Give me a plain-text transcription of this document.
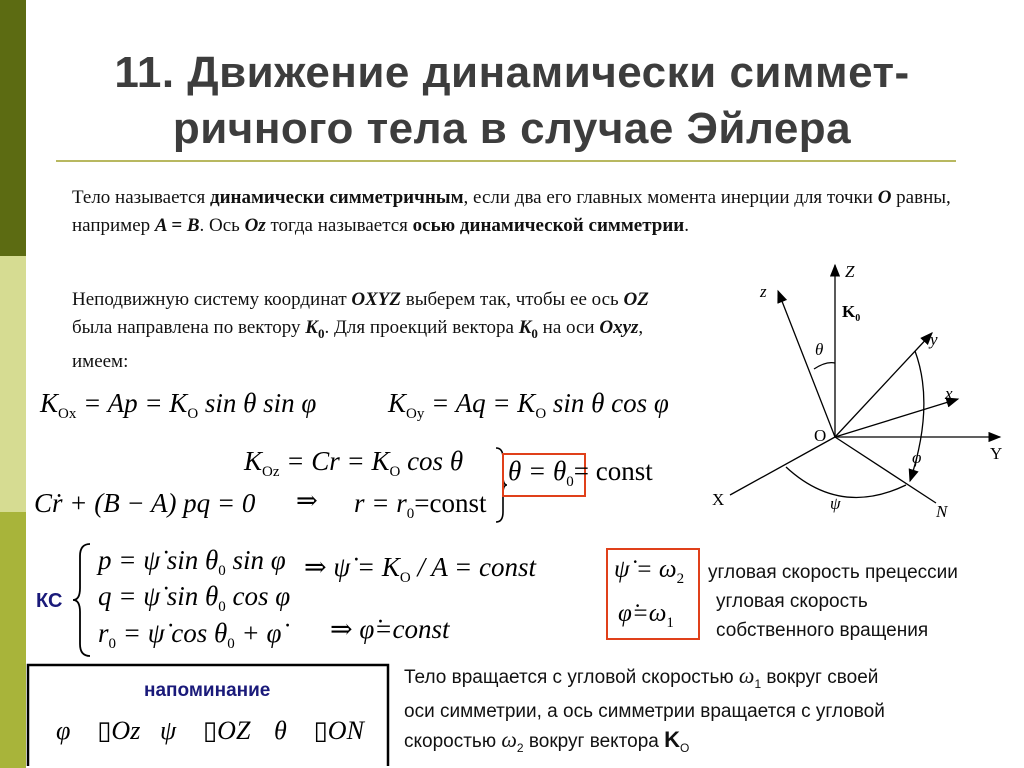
11. Движение динамически симмет-
ричного тела в случае Эйлера
Тело называется динамически симметричным, если два его главных момента инерции для точки O равны, например A = B. Ось Oz тогда называется осью динамической симметрии.
Неподвижную систему координат OXYZ выберем так, чтобы ее ось OZ была направлена по вектору $K_0$. Для проекций вектора $K_0$ на оси Oxyz, имеем:
$K_{Ox} = Ap = K_O$ sin θ sin φ	$K_{Oy} = Aq = K_O$ sin θ cos φ
$K_{Oz} = Cr = K_O$ cos θ
Cṙ + (B − A) pq = 0 ⇒ $r = r_0=const$
$\theta = \theta_0=$ const
КС
p = ψ̇ $\sin \theta_0$ sin φ
q = ψ̇ $\sin \theta_0$ cos φ
$r_0$ = ψ̇ $\cos \theta_0$ + φ̇
⇒ ψ̇ = $K_O$ / A = const
⇒ φ̇=const
ψ̇ = $\omega_2$
$\varphi̇=\omega_1$
угловая скорость прецессии
угловая скорость
собственного вращения
напоминание
φ⃗ ▯Oz ψ⃗ ▯OZ θ⃗ ▯ON
Тело вращается с угловой скоростью $\omega_1$ вокруг своей
оси симметрии, а ось симметрии вращается с угловой
скоростью $\omega_2$ вокруг вектора $K_O$
Z
z
$K_0$
θ
y
x
O
Y
φ
X	ψ	N
